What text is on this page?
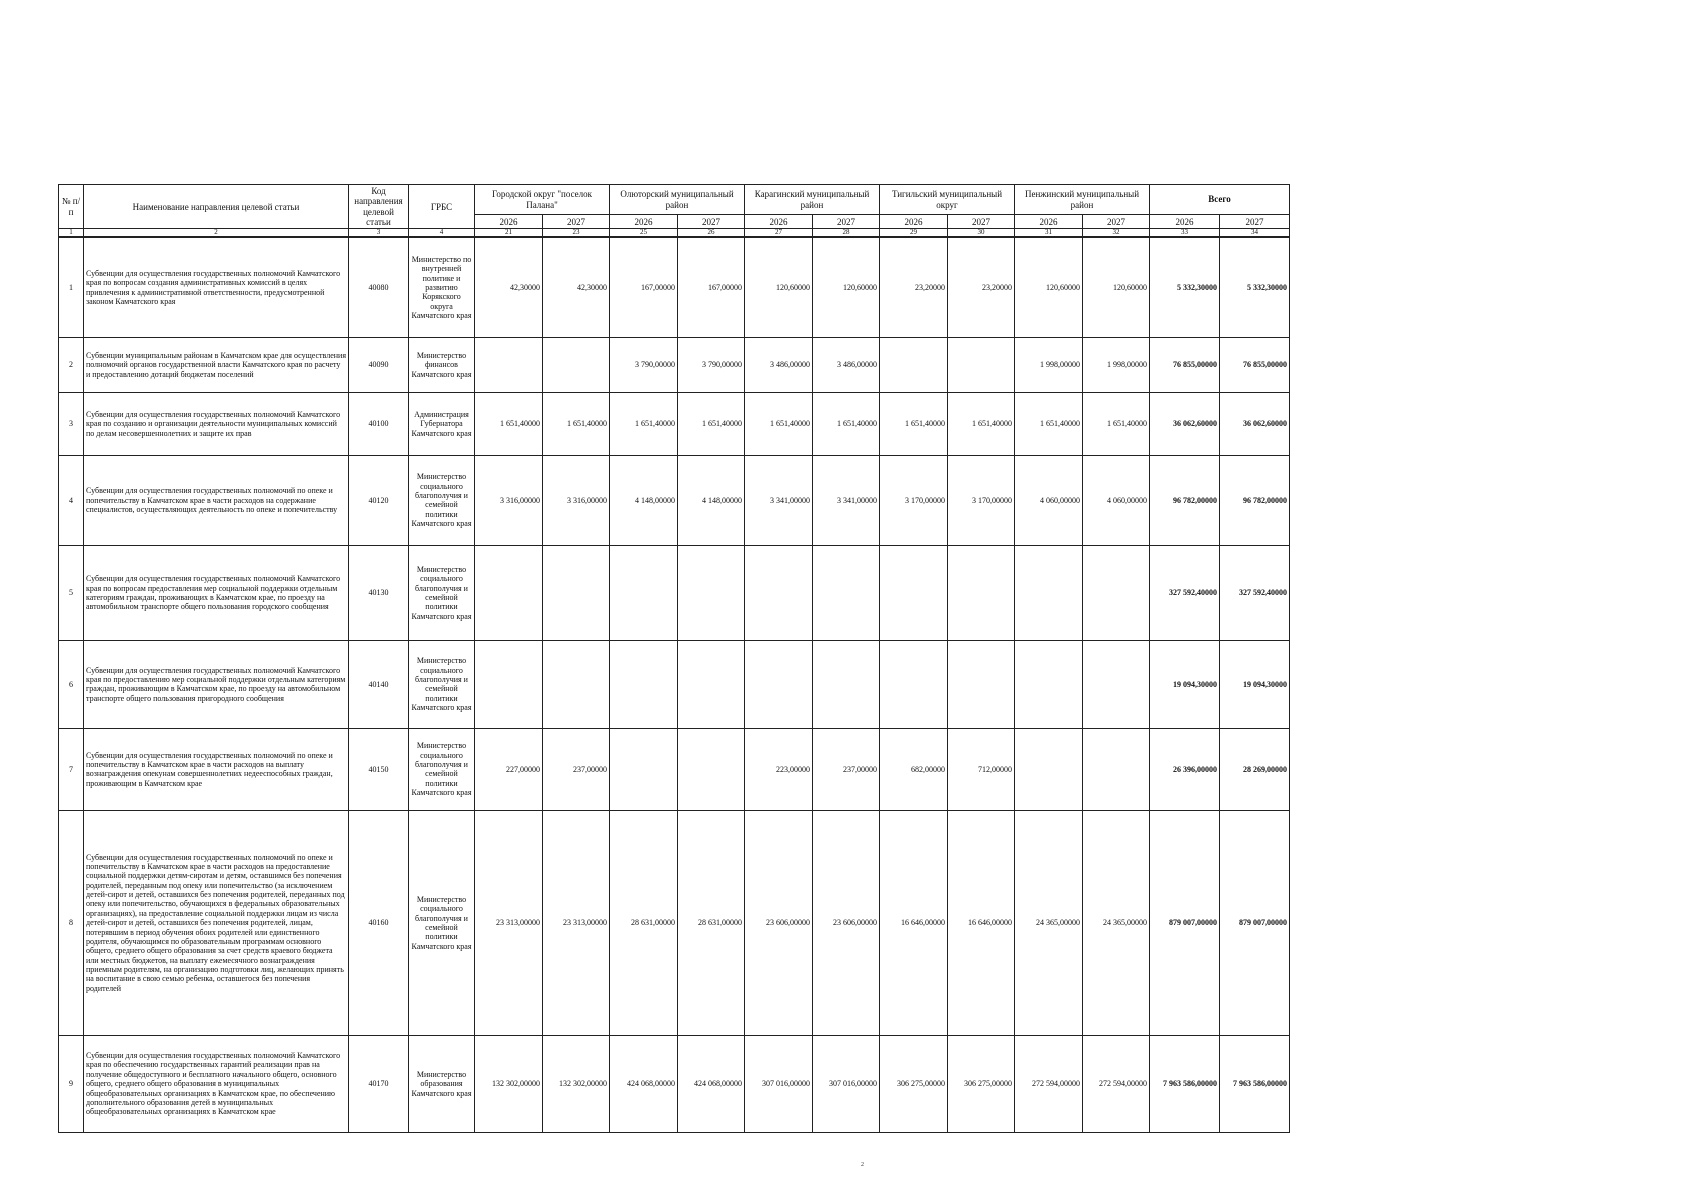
№ п/п	Наименование направления целевой статьи	Код направления целевой статьи	ГРБС	Городской округ "поселок Палана"		Олюторский муниципальный район		Карагинский муниципальный район		Тигильский муниципальный округ		Пенжинский муниципальный район		Всего	
				2026	2027	2026	2027	2026	2027	2026	2027	2026	2027	2026	2027
1	2	3	4	21	23	25	26	27	28	29	30	31	32	33	34
1	Субвенции для осуществления государственных полномочий Камчатского края по вопросам создания административных комиссий в целях привлечения к административной ответственности, предусмотренной законом Камчатского края	40080	Министерство по внутренней политике и развитию Корякского округа Камчатского края	42,30000	42,30000	167,00000	167,00000	120,60000	120,60000	23,20000	23,20000	120,60000	120,60000	5 332,30000	5 332,30000
2	Субвенции муниципальным районам в Камчатском крае для осуществления полномочий органов государственной власти Камчатского края по расчету и предоставлению дотаций бюджетам поселений	40090	Министерство финансов Камчатского края			3 790,00000	3 790,00000	3 486,00000	3 486,00000			1 998,00000	1 998,00000	76 855,00000	76 855,00000
3	Субвенции для осуществления государственных полномочий Камчатского края по созданию и организации деятельности муниципальных комиссий по делам несовершеннолетних и защите их прав	40100	Администрация Губернатора Камчатского края	1 651,40000	1 651,40000	1 651,40000	1 651,40000	1 651,40000	1 651,40000	1 651,40000	1 651,40000	1 651,40000	1 651,40000	36 062,60000	36 062,60000
4	Субвенции для осуществления государственных полномочий по опеке и попечительству в Камчатском крае в части расходов на содержание специалистов, осуществляющих деятельность по опеке и попечительству	40120	Министерство социального благополучия и семейной политики Камчатского края	3 316,00000	3 316,00000	4 148,00000	4 148,00000	3 341,00000	3 341,00000	3 170,00000	3 170,00000	4 060,00000	4 060,00000	96 782,00000	96 782,00000
5	Субвенции для осуществления государственных полномочий Камчатского края по вопросам предоставления мер социальной поддержки отдельным категориям граждан, проживающих в Камчатском крае, по проезду на автомобильном транспорте общего пользования городского сообщения	40130	Министерство социального благополучия и семейной политики Камчатского края											327 592,40000	327 592,40000
6	Субвенции для осуществления государственных полномочий Камчатского края по предоставлению мер социальной поддержки отдельным категориям граждан, проживающим в Камчатском крае, по проезду на автомобильном транспорте общего пользования пригородного сообщения	40140	Министерство социального благополучия и семейной политики Камчатского края											19 094,30000	19 094,30000
7	Субвенции для осуществления государственных полномочий по опеке и попечительству в Камчатском крае в части расходов на выплату вознаграждения опекунам совершеннолетних недееспособных граждан, проживающим в Камчатском крае	40150	Министерство социального благополучия и семейной политики Камчатского края	227,00000	237,00000			223,00000	237,00000	682,00000	712,00000			26 396,00000	28 269,00000
8	Субвенции для осуществления государственных полномочий по опеке и попечительству в Камчатском крае в части расходов на предоставление социальной поддержки детям-сиротам и детям, оставшимся без попечения родителей, переданным под опеку или попечительство (за исключением детей-сирот и детей, оставшихся без попечения родителей, переданных под опеку или попечительство, обучающихся в федеральных образовательных организациях), на предоставление социальной поддержки лицам из числа детей-сирот и детей, оставшихся без попечения родителей, лицам, потерявшим в период обучения обоих родителей или единственного родителя, обучающимся по образовательным программам основного общего, среднего общего образования за счет средств краевого бюджета или местных бюджетов, на выплату ежемесячного вознаграждения приемным родителям, на организацию подготовки лиц, желающих принять на воспитание в свою семью ребенка, оставшегося без попечения родителей	40160	Министерство социального благополучия и семейной политики Камчатского края	23 313,00000	23 313,00000	28 631,00000	28 631,00000	23 606,00000	23 606,00000	16 646,00000	16 646,00000	24 365,00000	24 365,00000	879 007,00000	879 007,00000
9	Субвенции для осуществления государственных полномочий Камчатского края по обеспечению государственных гарантий реализации прав на получение общедоступного и бесплатного начального общего, основного общего, среднего общего образования в муниципальных общеобразовательных организациях в Камчатском крае, по обеспечению дополнительного образования детей в муниципальных общеобразовательных организациях в Камчатском крае	40170	Министерство образования Камчатского края	132 302,00000	132 302,00000	424 068,00000	424 068,00000	307 016,00000	307 016,00000	306 275,00000	306 275,00000	272 594,00000	272 594,00000	7 963 586,00000	7 963 586,00000
2
